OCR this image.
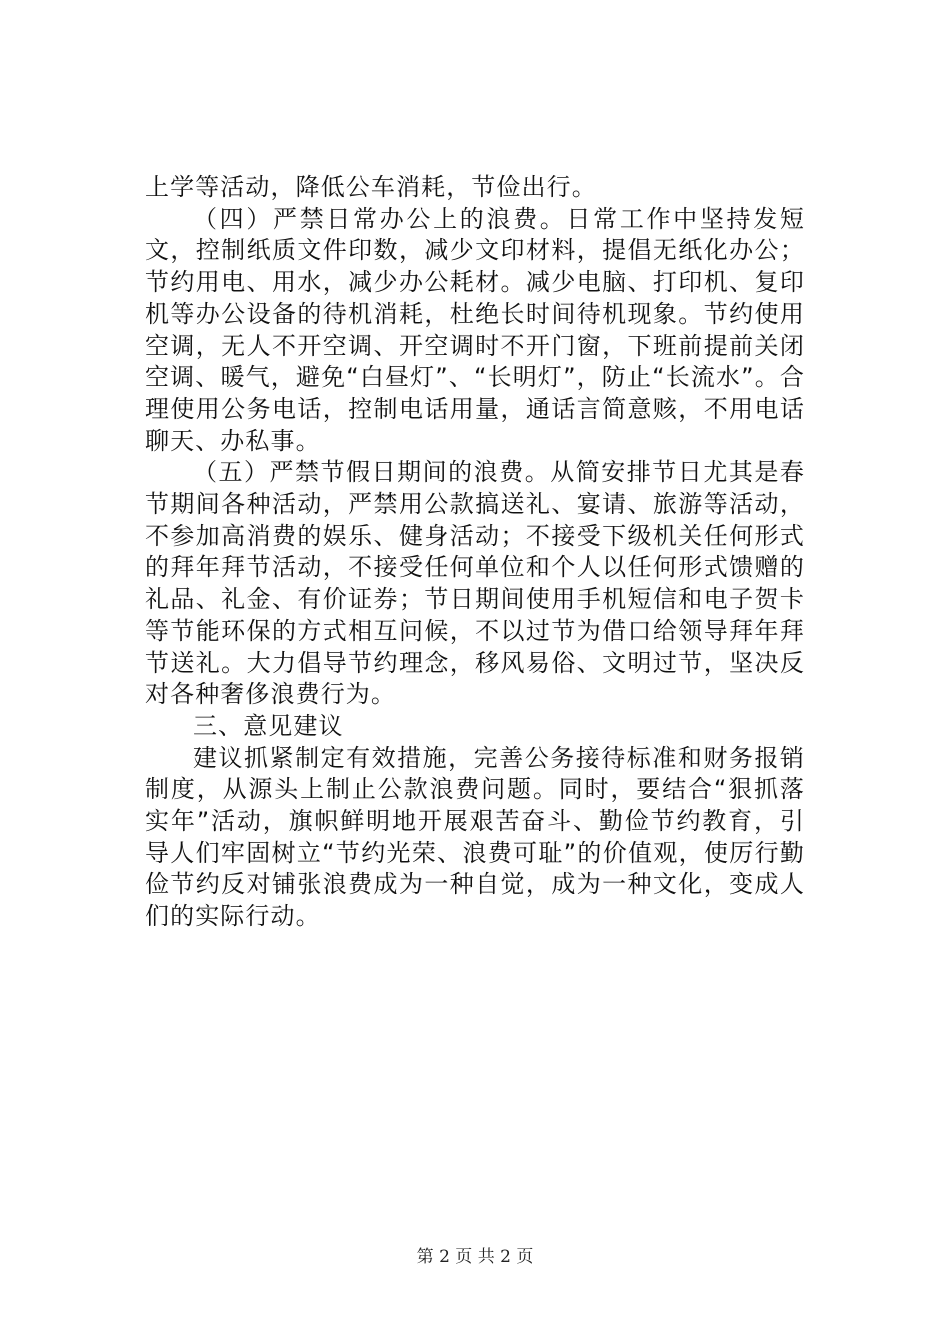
上学等活动，降低公车消耗，节俭出行。

（四）严禁日常办公上的浪费。日常工作中坚持发短文，控制纸质文件印数，减少文印材料，提倡无纸化办公；节约用电、用水，减少办公耗材。减少电脑、打印机、复印机等办公设备的待机消耗，杜绝长时间待机现象。节约使用空调，无人不开空调、开空调时不开门窗，下班前提前关闭空调、暖气，避免“白昼灯”、“长明灯”，防止“长流水”。合理使用公务电话，控制电话用量，通话言简意赅，不用电话聊天、办私事。

（五）严禁节假日期间的浪费。从简安排节日尤其是春节期间各种活动，严禁用公款搞送礼、宴请、旅游等活动，不参加高消费的娱乐、健身活动；不接受下级机关任何形式的拜年拜节活动，不接受任何单位和个人以任何形式馈赠的礼品、礼金、有价证券；节日期间使用手机短信和电子贺卡等节能环保的方式相互问候，不以过节为借口给领导拜年拜节送礼。大力倡导节约理念，移风易俗、文明过节，坚决反对各种奢侈浪费行为。

三、意见建议

建议抓紧制定有效措施，完善公务接待标准和财务报销制度，从源头上制止公款浪费问题。同时，要结合“狠抓落实年”活动，旗帜鲜明地开展艰苦奋斗、勤俭节约教育，引导人们牢固树立“节约光荣、浪费可耻”的价值观，使厉行勤俭节约反对铺张浪费成为一种自觉，成为一种文化，变成人们的实际行动。

第 2 页 共 2 页
